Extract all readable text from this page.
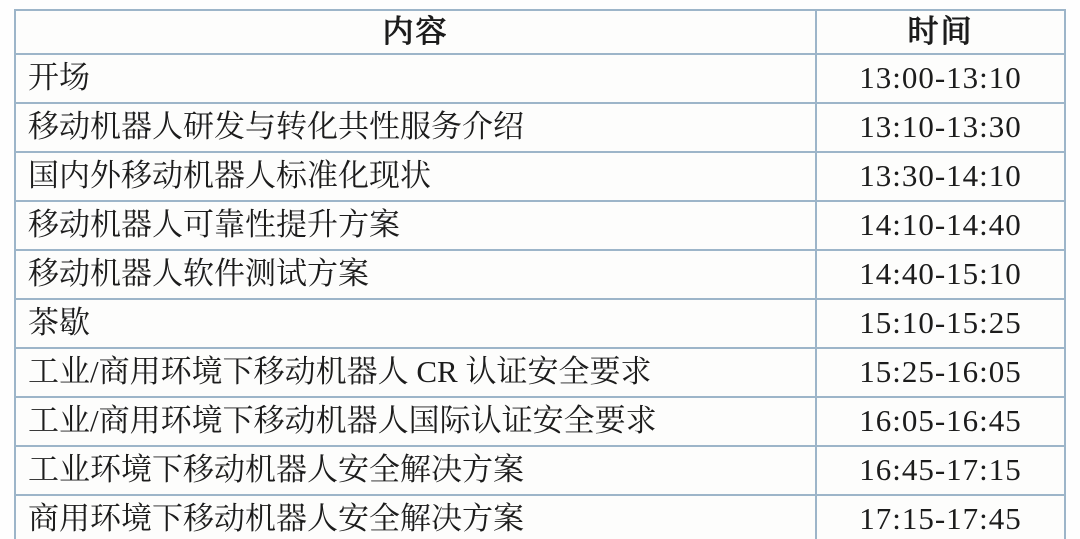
内容	时间
开场	13:00-13:10
移动机器人研发与转化共性服务介绍	13:10-13:30
国内外移动机器人标准化现状	13:30-14:10
移动机器人可靠性提升方案	14:10-14:40
移动机器人软件测试方案	14:40-15:10
茶歇	15:10-15:25
工业/商用环境下移动机器人 CR 认证安全要求	15:25-16:05
工业/商用环境下移动机器人国际认证安全要求	16:05-16:45
工业环境下移动机器人安全解决方案	16:45-17:15
商用环境下移动机器人安全解决方案	17:15-17:45
